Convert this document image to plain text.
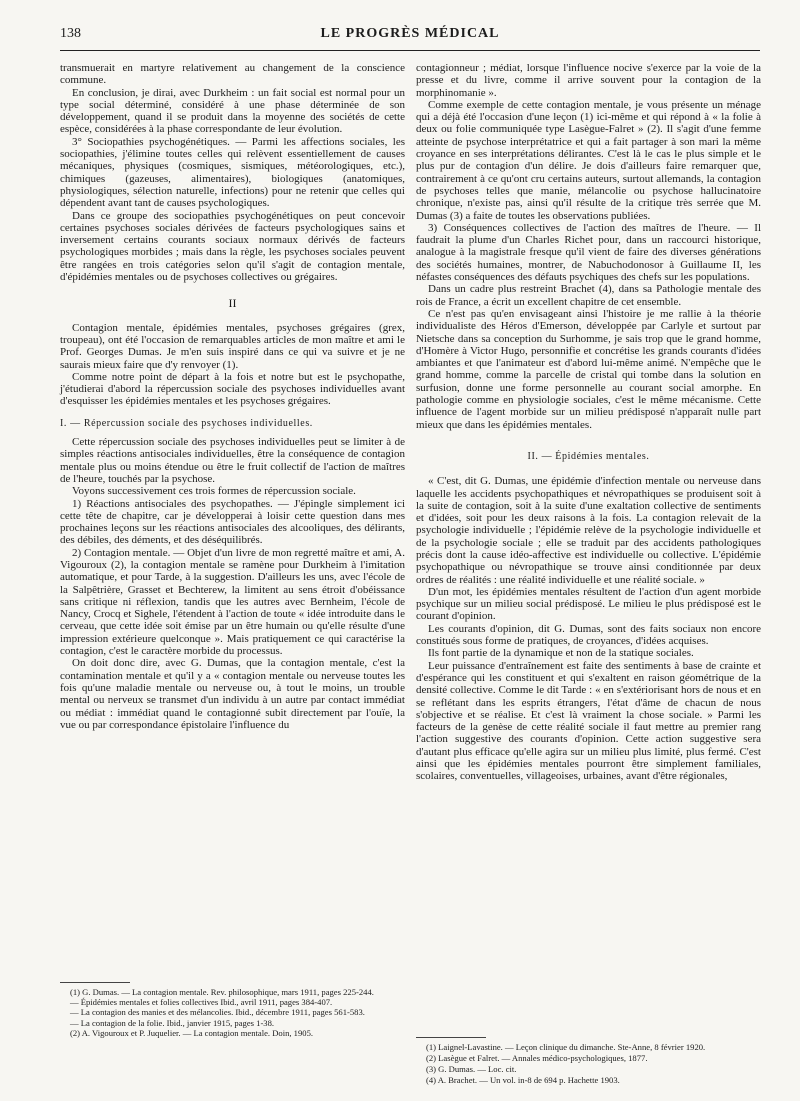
138	LE PROGRÈS MÉDICAL

transmuerait en martyre relativement au changement de la conscience commune.

En conclusion, je dirai, avec Durkheim : un fait social est normal pour un type social déterminé, considéré à une phase déterminée de son développement, quand il se produit dans la moyenne des sociétés de cette espèce, considérées à la phase correspondante de leur évolution.

3° Sociopathies psychogénétiques. — Parmi les affections sociales, les sociopathies, j'élimine toutes celles qui relèvent essentiellement de causes mécaniques, physiques (cosmiques, sismiques, météorologiques, etc.), chimiques (gazeuses, alimentaires), biologiques (anatomiques, physiologiques, sélection naturelle, infections) pour ne retenir que celles qui dépendent avant tant de causes psychologiques.

Dans ce groupe des sociopathies psychogénétiques on peut concevoir certaines psychoses sociales dérivées de facteurs psychologiques sains et inversement certains courants sociaux normaux dérivés de facteurs psychologiques morbides ; mais dans la règle, les psychoses sociales peuvent être rangées en trois catégories selon qu'il s'agit de contagion mentale, d'épidémies mentales ou de psychoses collectives ou grégaires.

II

Contagion mentale, épidémies mentales, psychoses grégaires (grex, troupeau), ont été l'occasion de remarquables articles de mon maître et ami le Prof. Georges Dumas. Je m'en suis inspiré dans ce qui va suivre et je ne saurais mieux faire que d'y renvoyer (1).

Comme notre point de départ à la fois et notre but est le psychopathe, j'étudierai d'abord la répercussion sociale des psychoses individuelles avant d'esquisser les épidémies mentales et les psychoses grégaires.

I. — Répercussion sociale des psychoses individuelles.

Cette répercussion sociale des psychoses individuelles peut se limiter à de simples réactions antisociales individuelles, être la conséquence de contagion mentale plus ou moins étendue ou être le fruit collectif de l'action de maîtres de l'heure, touchés par la psychose.

Voyons successivement ces trois formes de répercussion sociale.

1) Réactions antisociales des psychopathes. — J'épingle simplement ici cette tête de chapitre, car je développerai à loisir cette question dans mes prochaines leçons sur les réactions antisociales des alcooliques, des délirants, des débiles, des déments, et des déséquilibrés.

2) Contagion mentale. — Objet d'un livre de mon regretté maître et ami, A. Vigouroux (2), la contagion mentale se ramène pour Durkheim à l'imitation automatique, et pour Tarde, à la suggestion. D'ailleurs les uns, avec l'école de la Salpêtrière, Grasset et Bechterew, la limitent au sens étroit d'obéissance sans critique ni réflexion, tandis que les autres avec Bernheim, l'école de Nancy, Crocq et Sighele, l'étendent à l'action de toute « idée introduite dans le cerveau, que cette idée soit émise par un être humain ou qu'elle résulte d'une impression extérieure quelconque ». Mais pratiquement ce qui caractérise la contagion, c'est le caractère morbide du processus.

On doit donc dire, avec G. Dumas, que la contagion mentale, c'est la contamination mentale et qu'il y a « contagion mentale ou nerveuse toutes les fois qu'une maladie mentale ou nerveuse ou, à tout le moins, un trouble mental ou nerveux se transmet d'un individu à un autre par contact immédiat ou médiat : immédiat quand le contagionné subit directement par l'ouïe, la vue ou par correspondance épistolaire l'influence du

(1) G. Dumas. — La contagion mentale. Rev. philosophique, mars 1911, pages 225-244.

— Épidémies mentales et folies collectives Ibid., avril 1911, pages 384-407.

— La contagion des manies et des mélancolies. Ibid., décembre 1911, pages 561-583.

— La contagion de la folie. Ibid., janvier 1915, pages 1-38.

(2) A. Vigouroux et P. Juquelier. — La contagion mentale. Doin, 1905.

contagionneur ; médiat, lorsque l'influence nocive s'exerce par la voie de la presse et du livre, comme il arrive souvent pour la contagion de la morphinomanie ».

Comme exemple de cette contagion mentale, je vous présente un ménage qui a déjà été l'occasion d'une leçon (1) ici-même et qui répond à « la folie à deux ou folie communiquée type Lasègue-Falret » (2). Il s'agit d'une femme atteinte de psychose interprétatrice et qui a fait partager à son mari la même croyance en ses interprétations délirantes. C'est là le cas le plus simple et le plus pur de contagion d'un délire. Je dois d'ailleurs faire remarquer que, contrairement à ce qu'ont cru certains auteurs, surtout allemands, la contagion de psychoses telles que manie, mélancolie ou psychose hallucinatoire chronique, n'existe pas, ainsi qu'il résulte de la critique très serrée que M. Dumas (3) a faite de toutes les observations publiées.

3) Conséquences collectives de l'action des maîtres de l'heure. — Il faudrait la plume d'un Charles Richet pour, dans un raccourci historique, analogue à la magistrale fresque qu'il vient de faire des diverses générations des sociétés humaines, montrer, de Nabuchodonosor à Guillaume II, les néfastes conséquences des défauts psychiques des chefs sur les populations.

Dans un cadre plus restreint Brachet (4), dans sa Pathologie mentale des rois de France, a écrit un excellent chapitre de cet ensemble.

Ce n'est pas qu'en envisageant ainsi l'histoire je me rallie à la théorie individualiste des Héros d'Emerson, développée par Carlyle et surtout par Nietsche dans sa conception du Surhomme, je sais trop que le grand homme, d'Homère à Victor Hugo, personnifie et concrétise les grands courants d'idées ambiantes et que l'animateur est d'abord lui-même animé. N'empêche que le grand homme, comme la parcelle de cristal qui tombe dans la solution en surfusion, donne une forme personnelle au courant social amorphe. En pathologie comme en physiologie sociales, c'est le même mécanisme. Cette influence de l'agent morbide sur un milieu prédisposé n'apparaît nulle part mieux que dans les épidémies mentales.

II. — Épidémies mentales.

« C'est, dit G. Dumas, une épidémie d'infection mentale ou nerveuse dans laquelle les accidents psychopathiques et névropathiques se produisent soit à la suite de contagion, soit à la suite d'une exaltation collective de sentiments et d'idées, soit pour les deux raisons à la fois. La contagion relevait de la psychologie individuelle ; l'épidémie relève de la psychologie individuelle et de la psychologie sociale ; elle se traduit par des accidents pathologiques précis dont la cause idéo-affective est individuelle ou collective. L'épidémie psychopathique ou névropathique se trouve ainsi conditionnée par deux ordres de réalités : une réalité individuelle et une réalité sociale. »

D'un mot, les épidémies mentales résultent de l'action d'un agent morbide psychique sur un milieu social prédisposé. Le milieu le plus prédisposé est le courant d'opinion.

Les courants d'opinion, dit G. Dumas, sont des faits sociaux non encore constitués sous forme de pratiques, de croyances, d'idées acquises.

Ils font partie de la dynamique et non de la statique sociales.

Leur puissance d'entraînement est faite des sentiments à base de crainte et d'espérance qui les constituent et qui s'exaltent en raison géométrique de la densité collective. Comme le dit Tarde : « en s'extériorisant hors de nous et en se reflétant dans les esprits étrangers, l'état d'âme de chacun de nous s'objective et se réalise. Et c'est là vraiment la chose sociale. » Parmi les facteurs de la genèse de cette réalité sociale il faut mettre au premier rang l'action suggestive des courants d'opinion. Cette action suggestive sera d'autant plus efficace qu'elle agira sur un milieu plus limité, plus fermé. C'est ainsi que les épidémies mentales pourront être simplement familiales, scolaires, conventuelles, villageoises, urbaines, avant d'être régionales,

(1) Laignel-Lavastine. — Leçon clinique du dimanche. Ste-Anne, 8 février 1920.

(2) Lasègue et Falret. — Annales médico-psychologiques, 1877.

(3) G. Dumas. — Loc. cit.

(4) A. Brachet. — Un vol. in-8 de 694 p. Hachette 1903.
